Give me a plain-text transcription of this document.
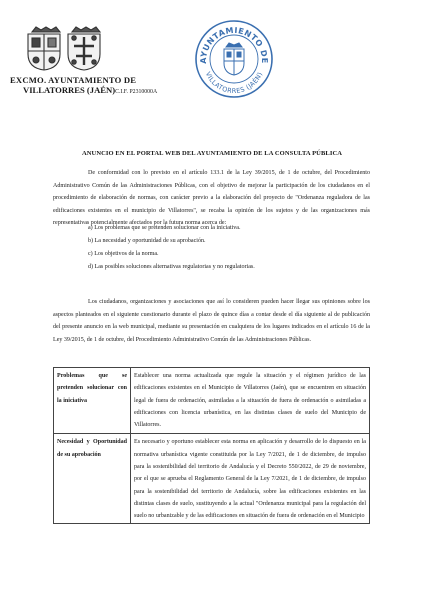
EXCMO. AYUNTAMIENTO DE
VILLATORRES (JAÉN)C.I.F. P2310000A
AYUNTAMIENTO DE
VILLATORRES (JAÉN)
ANUNCIO EN EL PORTAL WEB DEL AYUNTAMIENTO DE LA CONSULTA PÚBLICA

De conformidad con lo previsto en el artículo 133.1 de la Ley 39/2015, de 1 de octubre, del Procedimiento Administrativo Común de las Administraciones Públicas, con el objetivo de mejorar la participación de los ciudadanos en el procedimiento de elaboración de normas, con carácter previo a la elaboración del proyecto de "Ordenanza reguladora de las edificaciones existentes en el municipio de Villatorres", se recaba la opinión de los sujetos y de las organizaciones más representativas potencialmente afectados por la futura norma acerca de:

a) Los problemas que se pretenden solucionar con la iniciativa.
b) La necesidad y oportunidad de su aprobación.
c) Los objetivos de la norma.
d) Las posibles soluciones alternativas regulatorias y no regulatorias.

Los ciudadanos, organizaciones y asociaciones que así lo consideren pueden hacer llegar sus opiniones sobre los aspectos planteados en el siguiente cuestionario durante el plazo de quince días a contar desde el día siguiente al de publicación del presente anuncio en la web municipal, mediante su presentación en cualquiera de los lugares indicados en el artículo 16 de la Ley 39/2015, de 1 de octubre, del Procedimiento Administrativo Común de las Administraciones Públicas.

Problemas que se pretenden solucionar con la iniciativa	Establecer una norma actualizada que regule la situación y el régimen jurídico de las edificaciones existentes en el Municipio de Villatorres (Jaén), que se encuentren en situación legal de fuera de ordenación, asimiladas a la situación de fuera de ordenación o asimiladas a edificaciones con licencia urbanística, en las distintas clases de suelo del Municipio de Villatorres.
Necesidad y Oportunidad de su aprobación	Es necesario y oportuno establecer esta norma en aplicación y desarrollo de lo dispuesto en la normativa urbanística vigente constituida por la Ley 7/2021, de 1 de diciembre, de impulso para la sostenibilidad del territorio de Andalucía y el Decreto 550/2022, de 29 de noviembre, por el que se aprueba el Reglamento General de la Ley 7/2021, de 1 de diciembre, de impulso para la sostenibilidad del territorio de Andalucía, sobre las edificaciones existentes en las distintas clases de suelo, sustituyendo a la actual "Ordenanza municipal para la regulación del suelo no urbanizable y de las edificaciones en situación de fuera de ordenación en el Municipio
